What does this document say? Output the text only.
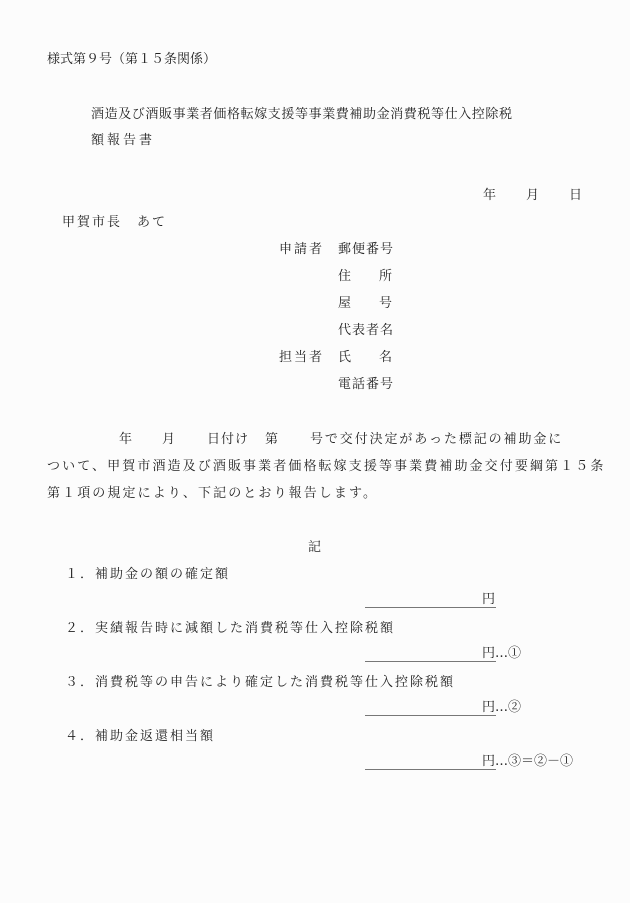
様式第９号（第１５条関係）
酒造及び酒販事業者価格転嫁支援等事業費補助金消費税等仕入控除税
額報告書
年 月 日
甲賀市長　あて
申請者 郵便番号
住 所
屋 号
代表者名
担当者 氏 名
電話番号
年 月 日付け 第 号で交付決定があった標記の補助金に
ついて、甲賀市酒造及び酒販事業者価格転嫁支援等事業費補助金交付要綱第１５条
第１項の規定により、下記のとおり報告します。
記
１．補助金の額の確定額
円
２．実績報告時に減額した消費税等仕入控除税額
円…①
３．消費税等の申告により確定した消費税等仕入控除税額
円…②
４．補助金返還相当額
円…③＝②－①
